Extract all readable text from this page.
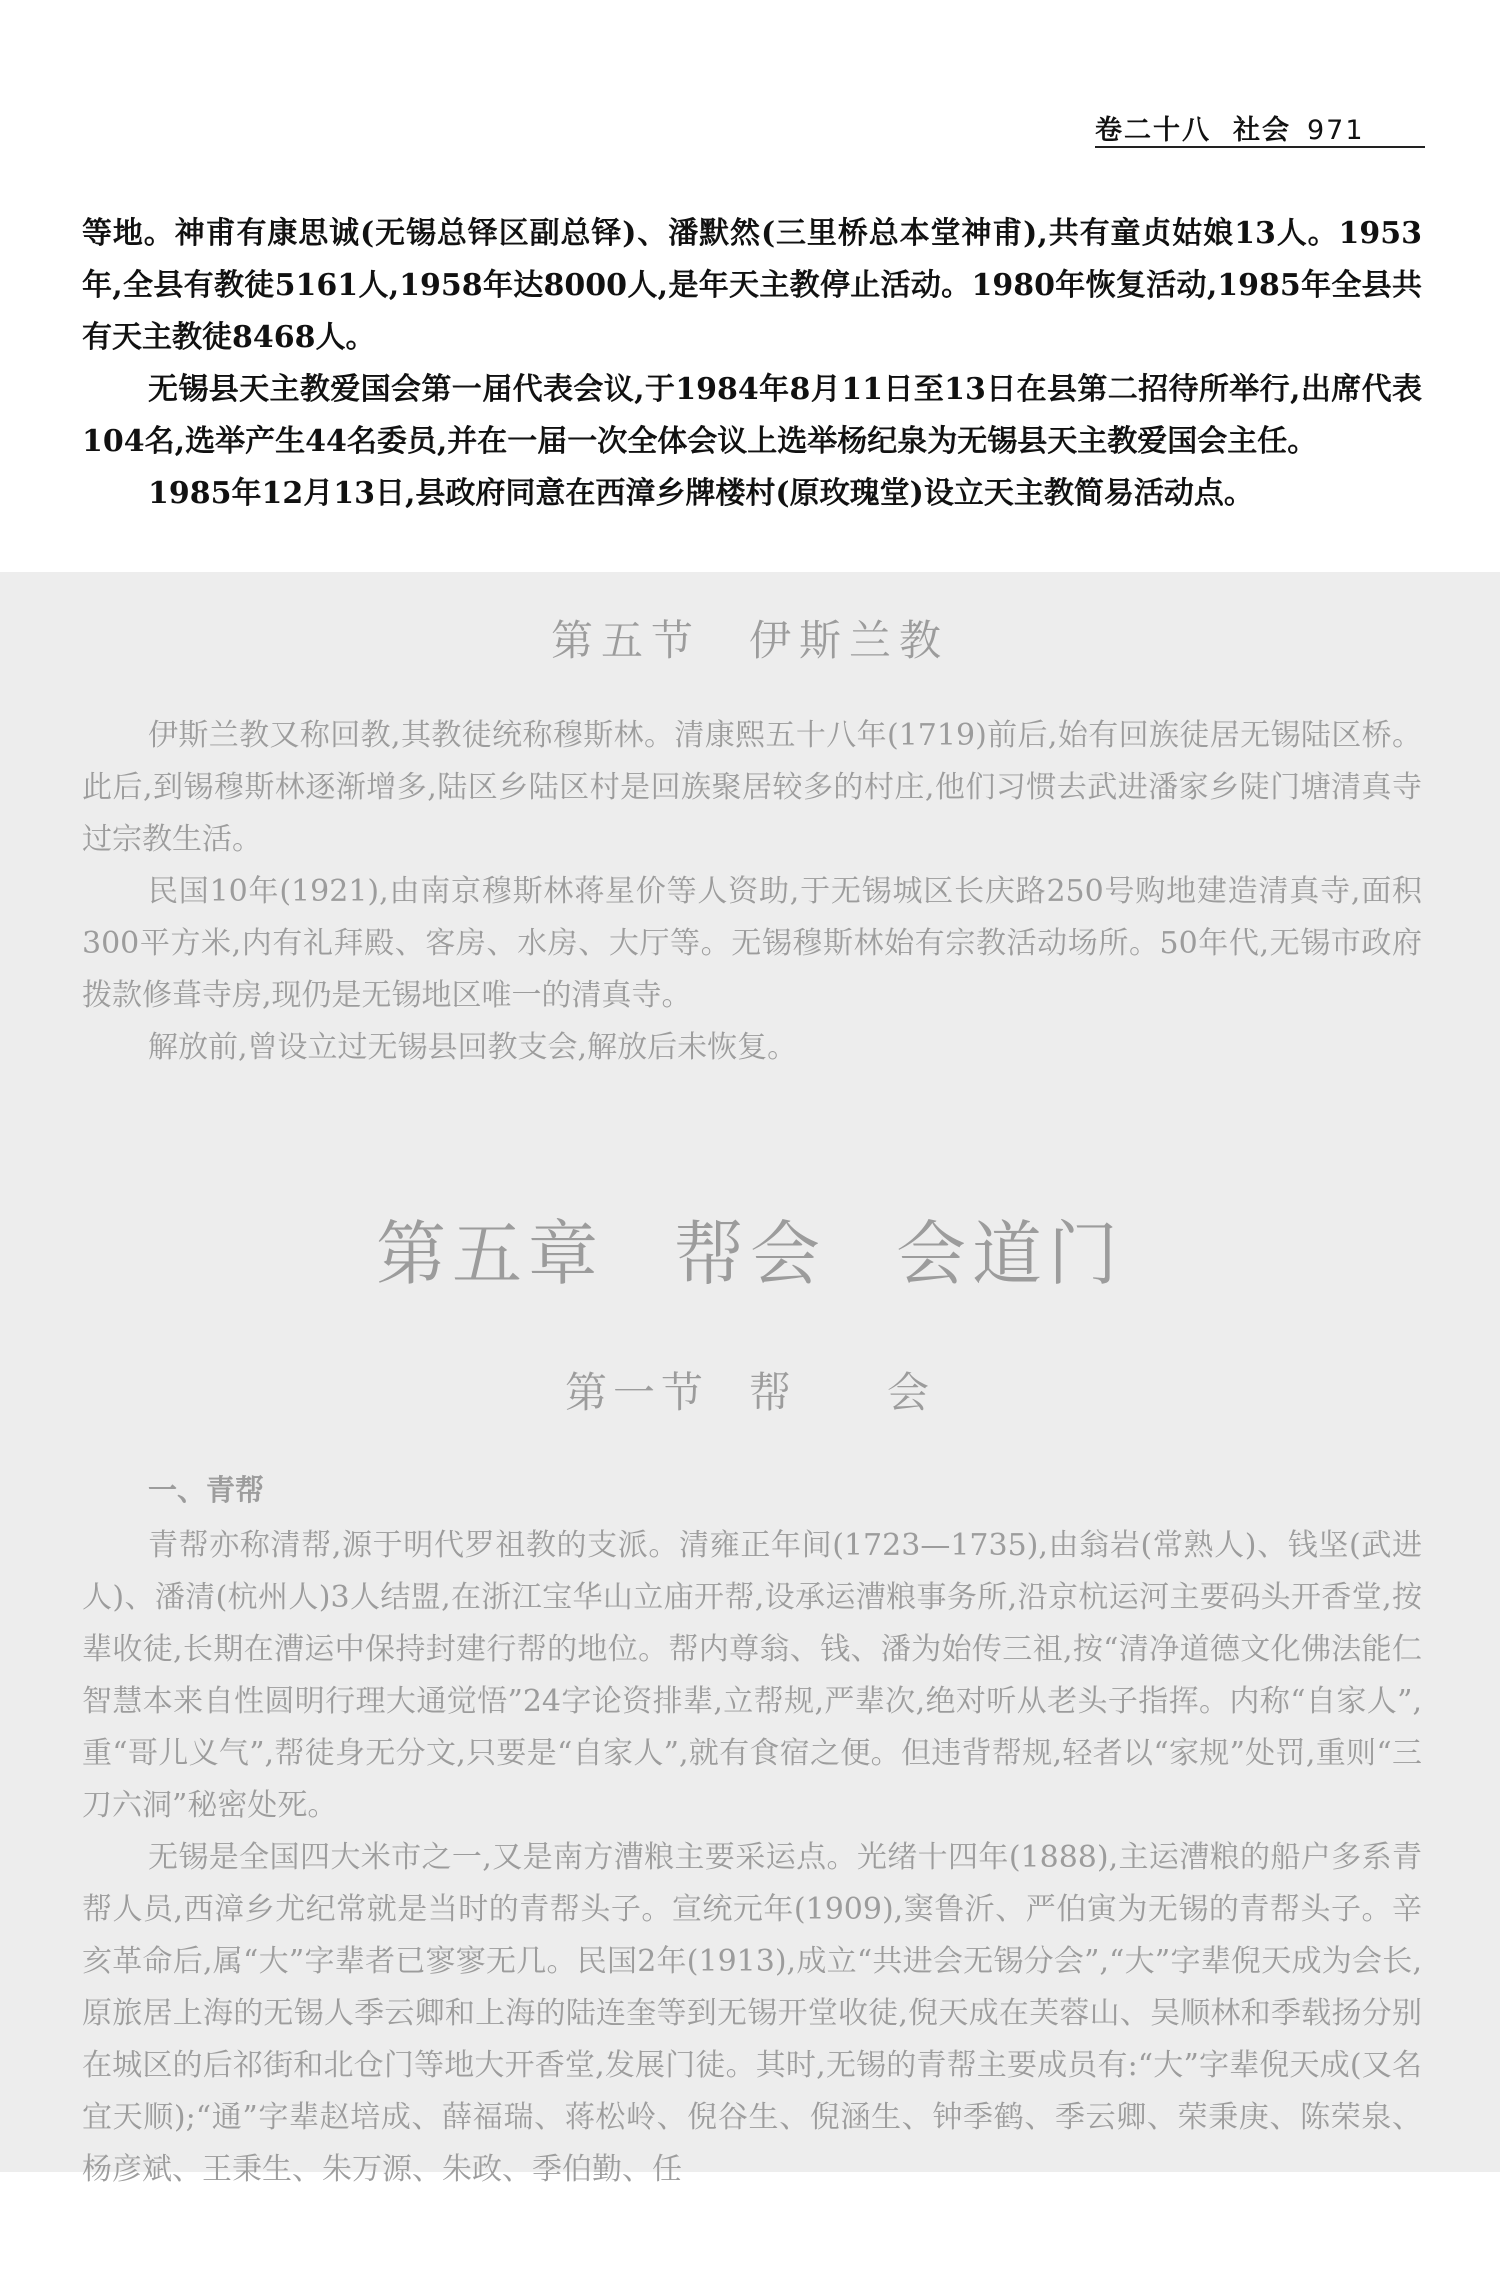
卷二十八 社会 971

等地。神甫有康思诚(无锡总铎区副总铎)、潘默然(三里桥总本堂神甫),共有童贞姑娘13人。1953年,全县有教徒5161人,1958年达8000人,是年天主教停止活动。1980年恢复活动,1985年全县共有天主教徒8468人。

无锡县天主教爱国会第一届代表会议,于1984年8月11日至13日在县第二招待所举行,出席代表104名,选举产生44名委员,并在一届一次全体会议上选举杨纪泉为无锡县天主教爱国会主任。

1985年12月13日,县政府同意在西漳乡牌楼村(原玫瑰堂)设立天主教简易活动点。

第五节 伊斯兰教

伊斯兰教又称回教,其教徒统称穆斯林。清康熙五十八年(1719)前后,始有回族徒居无锡陆区桥。此后,到锡穆斯林逐渐增多,陆区乡陆区村是回族聚居较多的村庄,他们习惯去武进潘家乡陡门塘清真寺过宗教生活。

民国10年(1921),由南京穆斯林蒋星价等人资助,于无锡城区长庆路250号购地建造清真寺,面积300平方米,内有礼拜殿、客房、水房、大厅等。无锡穆斯林始有宗教活动场所。50年代,无锡市政府拨款修葺寺房,现仍是无锡地区唯一的清真寺。

解放前,曾设立过无锡县回教支会,解放后未恢复。

第五章 帮会 会道门
第一节 帮 会
一、青帮

青帮亦称清帮,源于明代罗祖教的支派。清雍正年间(1723—1735),由翁岩(常熟人)、钱坚(武进人)、潘清(杭州人)3人结盟,在浙江宝华山立庙开帮,设承运漕粮事务所,沿京杭运河主要码头开香堂,按辈收徒,长期在漕运中保持封建行帮的地位。帮内尊翁、钱、潘为始传三祖,按“清净道德文化佛法能仁智慧本来自性圆明行理大通觉悟”24字论资排辈,立帮规,严辈次,绝对听从老头子指挥。内称“自家人”,重“哥儿义气”,帮徒身无分文,只要是“自家人”,就有食宿之便。但违背帮规,轻者以“家规”处罚,重则“三刀六洞”秘密处死。

无锡是全国四大米市之一,又是南方漕粮主要采运点。光绪十四年(1888),主运漕粮的船户多系青帮人员,西漳乡尤纪常就是当时的青帮头子。宣统元年(1909),窦鲁沂、严伯寅为无锡的青帮头子。辛亥革命后,属“大”字辈者已寥寥无几。民国2年(1913),成立“共进会无锡分会”,“大”字辈倪天成为会长,原旅居上海的无锡人季云卿和上海的陆连奎等到无锡开堂收徒,倪天成在芙蓉山、吴顺林和季载扬分别在城区的后祁街和北仓门等地大开香堂,发展门徒。其时,无锡的青帮主要成员有:“大”字辈倪天成(又名宜天顺);“通”字辈赵培成、薛福瑞、蒋松岭、倪谷生、倪涵生、钟季鹤、季云卿、荣秉庚、陈荣泉、杨彦斌、王秉生、朱万源、朱政、季伯勤、任
